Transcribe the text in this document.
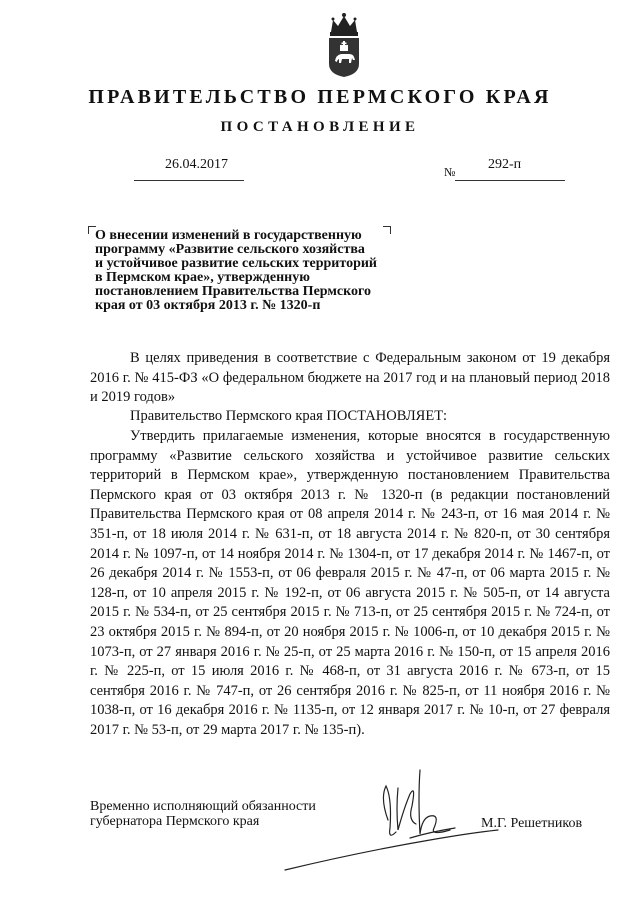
ПРАВИТЕЛЬСТВО ПЕРМСКОГО КРАЯ
ПОСТАНОВЛЕНИЕ
26.04.2017	№ 292-п
О внесении изменений в государственную
программу «Развитие сельского хозяйства
и устойчивое развитие сельских территорий
в Пермском крае», утвержденную
постановлением Правительства Пермского
края от 03 октября 2013 г. № 1320-п
В целях приведения в соответствие с Федеральным законом от 19 декабря 2016 г. № 415-ФЗ «О федеральном бюджете на 2017 год и на плановый период 2018 и 2019 годов»
Правительство Пермского края ПОСТАНОВЛЯЕТ:
Утвердить прилагаемые изменения, которые вносятся в государственную программу «Развитие сельского хозяйства и устойчивое развитие сельских территорий в Пермском крае», утвержденную постановлением Правительства Пермского края от 03 октября 2013 г. № 1320-п (в редакции постановлений Правительства Пермского края от 08 апреля 2014 г. № 243-п, от 16 мая 2014 г. № 351-п, от 18 июля 2014 г. № 631-п, от 18 августа 2014 г. № 820-п, от 30 сентября 2014 г. № 1097-п, от 14 ноября 2014 г. № 1304-п, от 17 декабря 2014 г. № 1467-п, от 26 декабря 2014 г. № 1553-п, от 06 февраля 2015 г. № 47-п, от 06 марта 2015 г. № 128-п, от 10 апреля 2015 г. № 192-п, от 06 августа 2015 г. № 505-п, от 14 августа 2015 г. № 534-п, от 25 сентября 2015 г. № 713-п, от 25 сентября 2015 г. № 724-п, от 23 октября 2015 г. № 894-п, от 20 ноября 2015 г. № 1006-п, от 10 декабря 2015 г. № 1073-п, от 27 января 2016 г. № 25-п, от 25 марта 2016 г. № 150-п, от 15 апреля 2016 г. № 225-п, от 15 июля 2016 г. № 468-п, от 31 августа 2016 г. № 673-п, от 15 сентября 2016 г. № 747-п, от 26 сентября 2016 г. № 825-п, от 11 ноября 2016 г. № 1038-п, от 16 декабря 2016 г. № 1135-п, от 12 января 2017 г. № 10-п, от 27 февраля 2017 г. № 53-п, от 29 марта 2017 г. № 135-п).
Временно исполняющий обязанности
губернатора Пермского края	М.Г. Решетников
